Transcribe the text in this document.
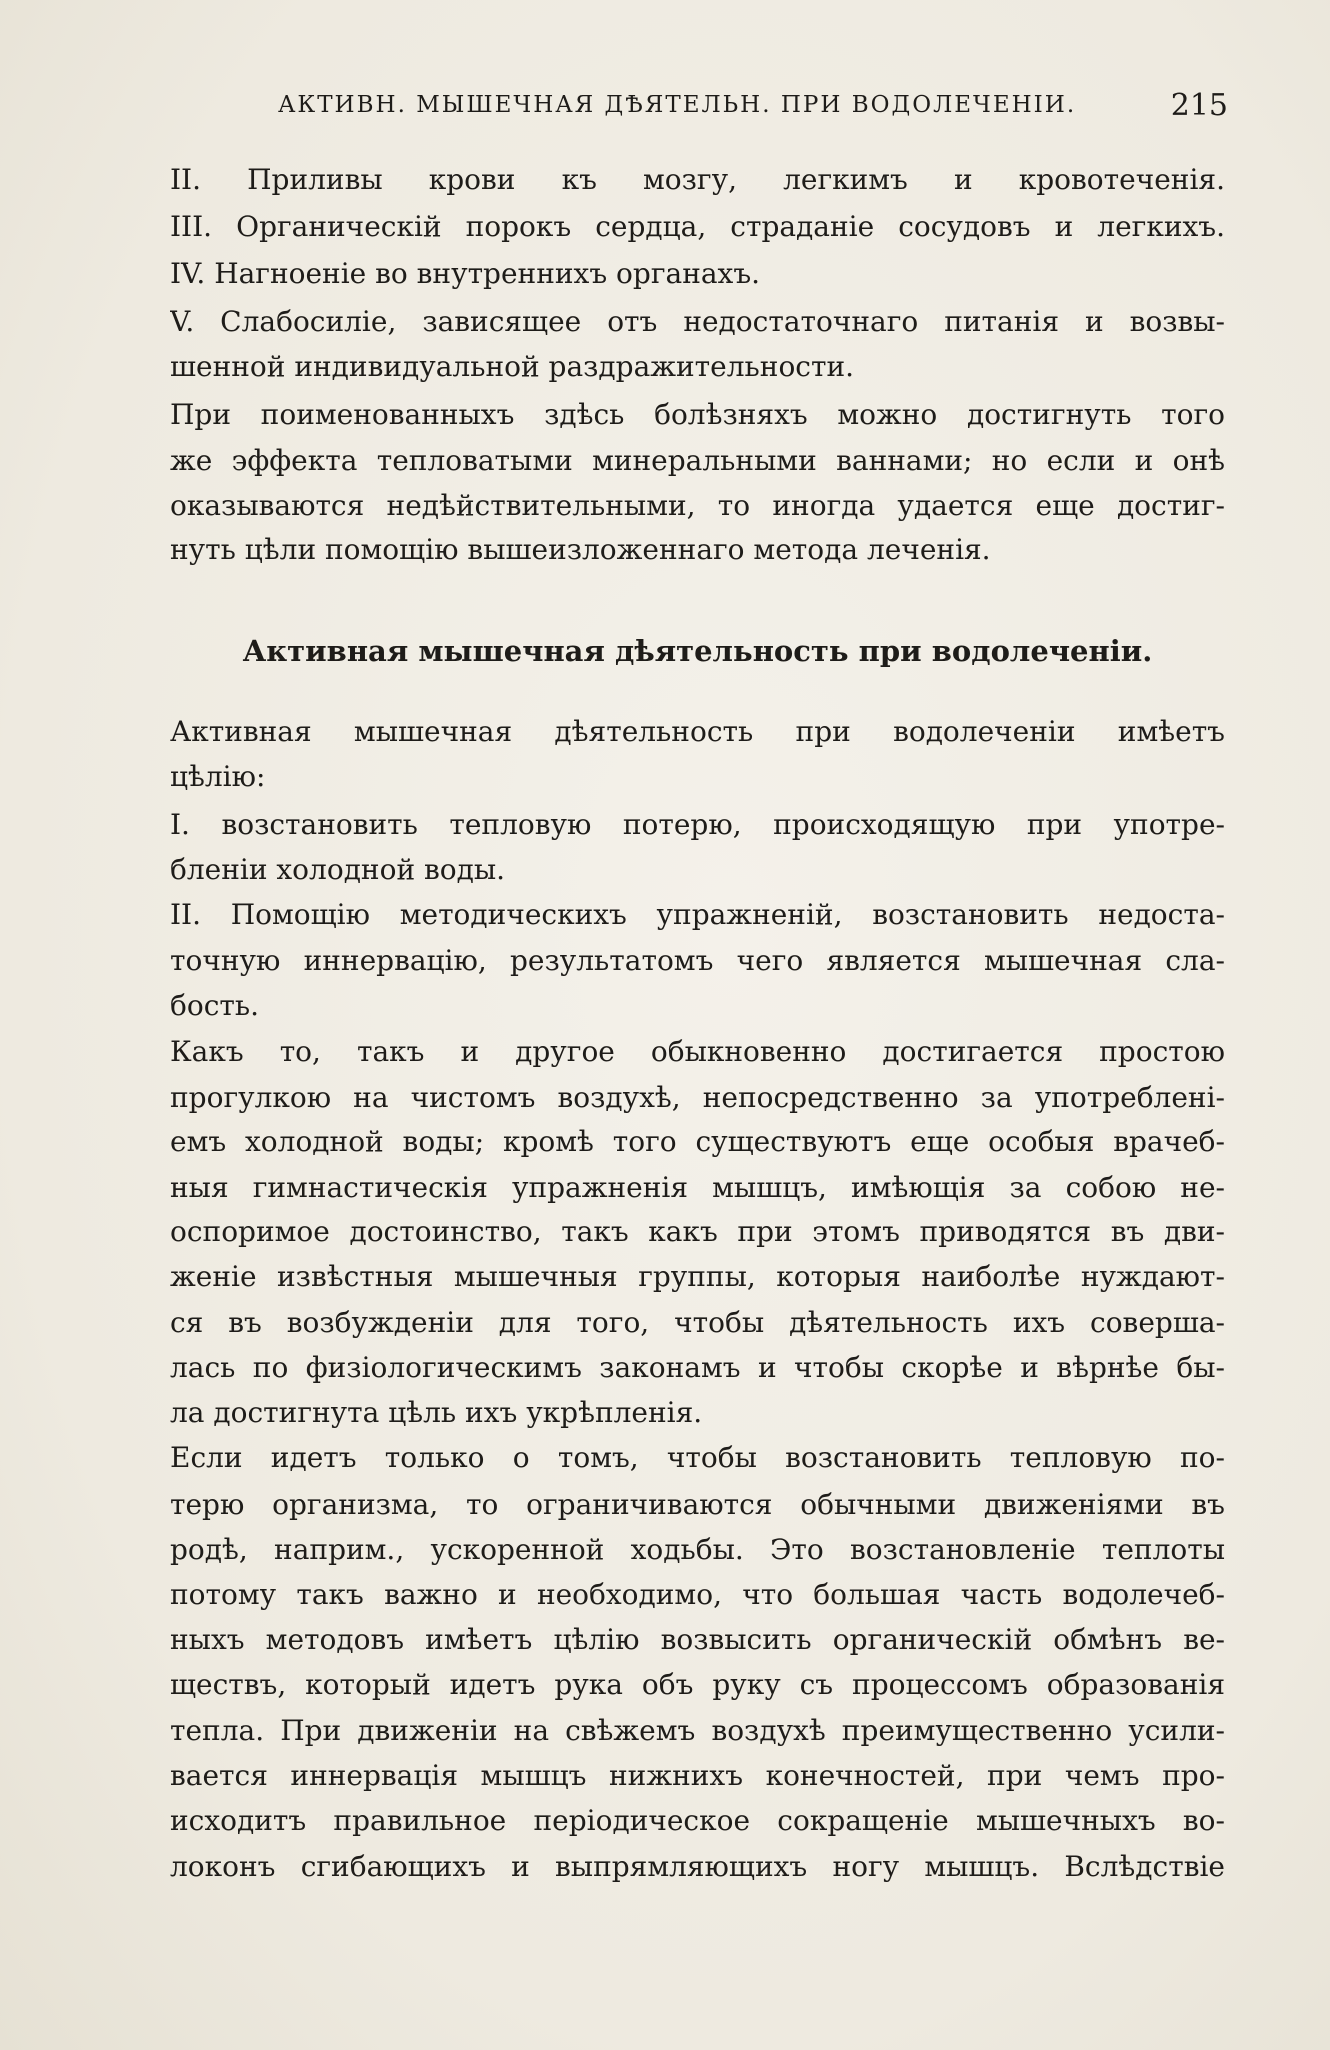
АКТИВН. МЫШЕЧНАЯ ДѢЯТЕЛЬН. ПРИ ВОДОЛЕЧЕНІИ.	215
II. Приливы крови къ мозгу, легкимъ и кровотеченія.
III. Органическій порокъ сердца, страданіе сосудовъ и легкихъ.
IV. Нагноеніе во внутреннихъ органахъ.
V. Слабосиліе, зависящее отъ недостаточнаго питанія и возвы-
шенной индивидуальной раздражительности.
При поименованныхъ здѣсь болѣзняхъ можно достигнуть того
же эффекта тепловатыми минеральными ваннами; но если и онѣ
оказываются недѣйствительными, то иногда удается еще достиг-
нуть цѣли помощію вышеизложеннаго метода леченія.
Активная мышечная дѣятельность при водолеченіи.
Активная мышечная дѣятельность при водолеченіи имѣетъ
цѣлію:
I. возстановить тепловую потерю, происходящую при употре-
бленіи холодной воды.
II. Помощію методическихъ упражненій, возстановить недоста-
точную иннервацію, результатомъ чего является мышечная сла-
бость.
Какъ то, такъ и другое обыкновенно достигается простою
прогулкою на чистомъ воздухѣ, непосредственно за употреблені-
емъ холодной воды; кромѣ того существуютъ еще особыя врачеб-
ныя гимнастическія упражненія мышцъ, имѣющія за собою не-
оспоримое достоинство, такъ какъ при этомъ приводятся въ дви-
женіе извѣстныя мышечныя группы, которыя наиболѣе нуждают-
ся въ возбужденіи для того, чтобы дѣятельность ихъ соверша-
лась по физіологическимъ законамъ и чтобы скорѣе и вѣрнѣе бы-
ла достигнута цѣль ихъ укрѣпленія.
Если идетъ только о томъ, чтобы возстановить тепловую по-
терю организма, то ограничиваются обычными движеніями въ
родѣ, наприм., ускоренной ходьбы. Это возстановленіе теплоты
потому такъ важно и необходимо, что большая часть водолечеб-
ныхъ методовъ имѣетъ цѣлію возвысить органическій обмѣнъ ве-
ществъ, который идетъ рука объ руку съ процессомъ образованія
тепла. При движеніи на свѣжемъ воздухѣ преимущественно усили-
вается иннервація мышцъ нижнихъ конечностей, при чемъ про-
исходитъ правильное періодическое сокращеніе мышечныхъ во-
локонъ сгибающихъ и выпрямляющихъ ногу мышцъ. Вслѣдствіе
